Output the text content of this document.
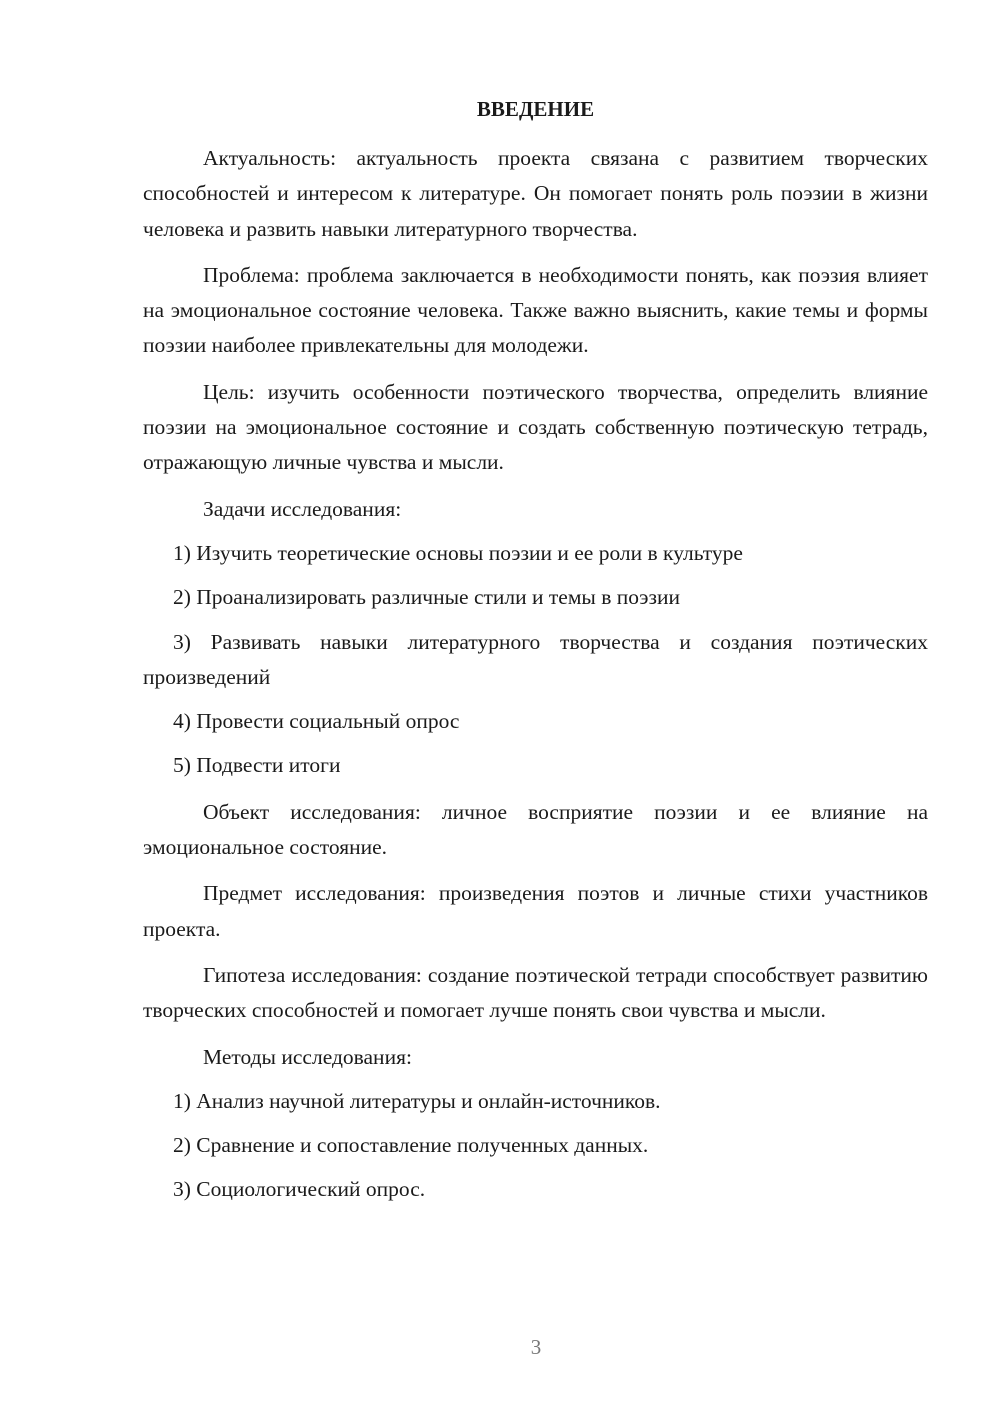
ВВЕДЕНИЕ

Актуальность: актуальность проекта связана с развитием творческих способностей и интересом к литературе. Он помогает понять роль поэзии в жизни человека и развить навыки литературного творчества.

Проблема: проблема заключается в необходимости понять, как поэзия влияет на эмоциональное состояние человека. Также важно выяснить, какие темы и формы поэзии наиболее привлекательны для молодежи.

Цель: изучить особенности поэтического творчества, определить влияние поэзии на эмоциональное состояние и создать собственную поэтическую тетрадь, отражающую личные чувства и мысли.

Задачи исследования:

1) Изучить теоретические основы поэзии и ее роли в культуре

2) Проанализировать различные стили и темы в поэзии

3) Развивать навыки литературного творчества и создания поэтических произведений

4) Провести социальный опрос

5) Подвести итоги

Объект исследования: личное восприятие поэзии и ее влияние на эмоциональное состояние.

Предмет исследования: произведения поэтов и личные стихи участников проекта.

Гипотеза исследования: создание поэтической тетради способствует развитию творческих способностей и помогает лучше понять свои чувства и мысли.

Методы исследования:

1) Анализ научной литературы и онлайн-источников.

2) Сравнение и сопоставление полученных данных.

3) Социологический опрос.

3
